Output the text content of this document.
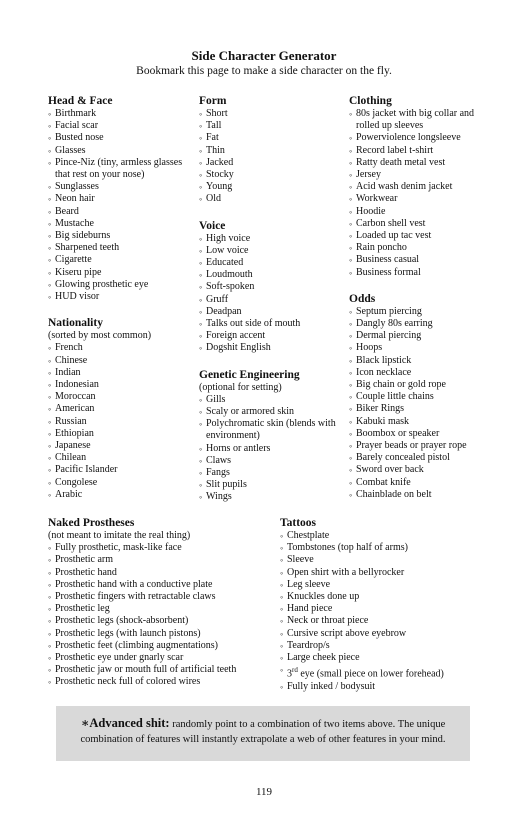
Side Character Generator
Bookmark this page to make a side character on the fly.
Head & Face
◦ Birthmark
◦ Facial scar
◦ Busted nose
◦ Glasses
◦ Pince-Niz (tiny, armless glasses that rest on your nose)
◦ Sunglasses
◦ Neon hair
◦ Beard
◦ Mustache
◦ Big sideburns
◦ Sharpened teeth
◦ Cigarette
◦ Kiseru pipe
◦ Glowing prosthetic eye
◦ HUD visor
Nationality
(sorted by most common)
◦ French
◦ Chinese
◦ Indian
◦ Indonesian
◦ Moroccan
◦ American
◦ Russian
◦ Ethiopian
◦ Japanese
◦ Chilean
◦ Pacific Islander
◦ Congolese
◦ Arabic
Form
◦ Short
◦ Tall
◦ Fat
◦ Thin
◦ Jacked
◦ Stocky
◦ Young
◦ Old
Voice
◦ High voice
◦ Low voice
◦ Educated
◦ Loudmouth
◦ Soft-spoken
◦ Gruff
◦ Deadpan
◦ Talks out side of mouth
◦ Foreign accent
◦ Dogshit English
Genetic Engineering
(optional for setting)
◦ Gills
◦ Scaly or armored skin
◦ Polychromatic skin (blends with environment)
◦ Horns or antlers
◦ Claws
◦ Fangs
◦ Slit pupils
◦ Wings
Clothing
◦ 80s jacket with big collar and rolled up sleeves
◦ Powerviolence longsleeve
◦ Record label t-shirt
◦ Ratty death metal vest
◦ Jersey
◦ Acid wash denim jacket
◦ Workwear
◦ Hoodie
◦ Carbon shell vest
◦ Loaded up tac vest
◦ Rain poncho
◦ Business casual
◦ Business formal
Odds
◦ Septum piercing
◦ Dangly 80s earring
◦ Dermal piercing
◦ Hoops
◦ Black lipstick
◦ Icon necklace
◦ Big chain or gold rope
◦ Couple little chains
◦ Biker Rings
◦ Kabuki mask
◦ Boombox or speaker
◦ Prayer beads or prayer rope
◦ Barely concealed pistol
◦ Sword over back
◦ Combat knife
◦ Chainblade on belt
Naked Prostheses
(not meant to imitate the real thing)
◦ Fully prosthetic, mask-like face
◦ Prosthetic arm
◦ Prosthetic hand
◦ Prosthetic hand with a conductive plate
◦ Prosthetic fingers with retractable claws
◦ Prosthetic leg
◦ Prosthetic legs (shock-absorbent)
◦ Prosthetic legs (with launch pistons)
◦ Prosthetic feet (climbing augmentations)
◦ Prosthetic eye under gnarly scar
◦ Prosthetic jaw or mouth full of artificial teeth
◦ Prosthetic neck full of colored wires
Tattoos
◦ Chestplate
◦ Tombstones (top half of arms)
◦ Sleeve
◦ Open shirt with a bellyrocker
◦ Leg sleeve
◦ Knuckles done up
◦ Hand piece
◦ Neck or throat piece
◦ Cursive script above eyebrow
◦ Teardrop/s
◦ Large cheek piece
◦ 3rd eye (small piece on lower forehead)
◦ Fully inked / bodysuit
∗Advanced shit: randomly point to a combination of two items above. The unique combination of features will instantly extrapolate a web of other features in your mind.
119
